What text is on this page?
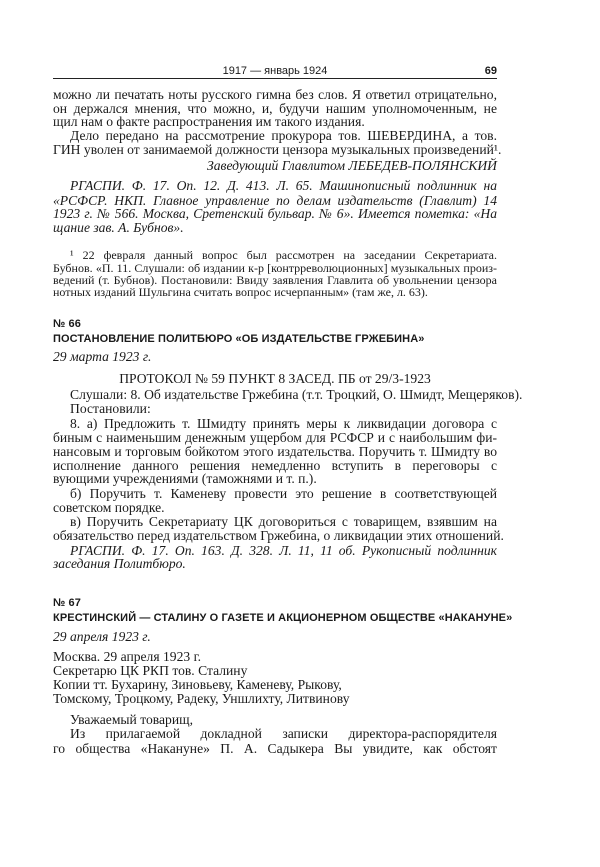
1917 — январь 1924	69
можно ли печатать ноты русского гимна без слов. Я ответил отрицательно,
он держался мнения, что можно, и, будучи нашим уполномоченным, не
щил нам о факте распространения им такого издания.
Дело передано на рассмотрение прокурора тов. ШЕВЕРДИНА, а тов.
ГИН уволен от занимаемой должности цензора музыкальных произведений¹.
Заведующий Главлитом ЛЕБЕДЕВ-ПОЛЯНСКИЙ
РГАСПИ. Ф. 17. Оп. 12. Д. 413. Л. 65. Машинописный подлинник на
«РСФСР. НКП. Главное управление по делам издательств (Главлит) 14
1923 г. № 566. Москва, Сретенский бульвар. № 6». Имеется пометка: «На
щание зав. А. Бубнов».
¹ 22 февраля данный вопрос был рассмотрен на заседании Секретариата.
Бубнов. «П. 11. Слушали: об издании к-р [контрреволюционных] музыкальных произ-
ведений (т. Бубнов). Постановили: Ввиду заявления Главлита об увольнении цензора
нотных изданий Шульгина считать вопрос исчерпанным» (там же, л. 63).
№ 66
ПОСТАНОВЛЕНИЕ ПОЛИТБЮРО «ОБ ИЗДАТЕЛЬСТВЕ ГРЖЕБИНА»
29 марта 1923 г.
ПРОТОКОЛ № 59 ПУНКТ 8 ЗАСЕД. ПБ от 29/3-1923
Слушали: 8. Об издательстве Гржебина (т.т. Троцкий, О. Шмидт, Мещеряков).
Постановили:
8. а) Предложить т. Шмидту принять меры к ликвидации договора с
биным с наименьшим денежным ущербом для РСФСР и с наибольшим фи-
нансовым и торговым бойкотом этого издательства. Поручить т. Шмидту во
исполнение данного решения немедленно вступить в переговоры с
вующими учреждениями (таможнями и т. п.).
б) Поручить т. Каменеву провести это решение в соответствующей
советском порядке.
в) Поручить Секретариату ЦК договориться с товарищем, взявшим на
обязательство перед издательством Гржебина, о ликвидации этих отношений.
РГАСПИ. Ф. 17. Оп. 163. Д. 328. Л. 11, 11 об. Рукописный подлинник
заседания Политбюро.
№ 67
КРЕСТИНСКИЙ — СТАЛИНУ О ГАЗЕТЕ И АКЦИОНЕРНОМ ОБЩЕСТВЕ «НАКАНУНЕ»
29 апреля 1923 г.
Москва. 29 апреля 1923 г.
Секретарю ЦК РКП тов. Сталину
Копии тт. Бухарину, Зиновьеву, Каменеву, Рыкову,
Томскому, Троцкому, Радеку, Уншлихту, Литвинову
Уважаемый товарищ,
Из прилагаемой докладной записки директора-распорядителя
го общества «Накануне» П. А. Садыкера Вы увидите, как обстоят
